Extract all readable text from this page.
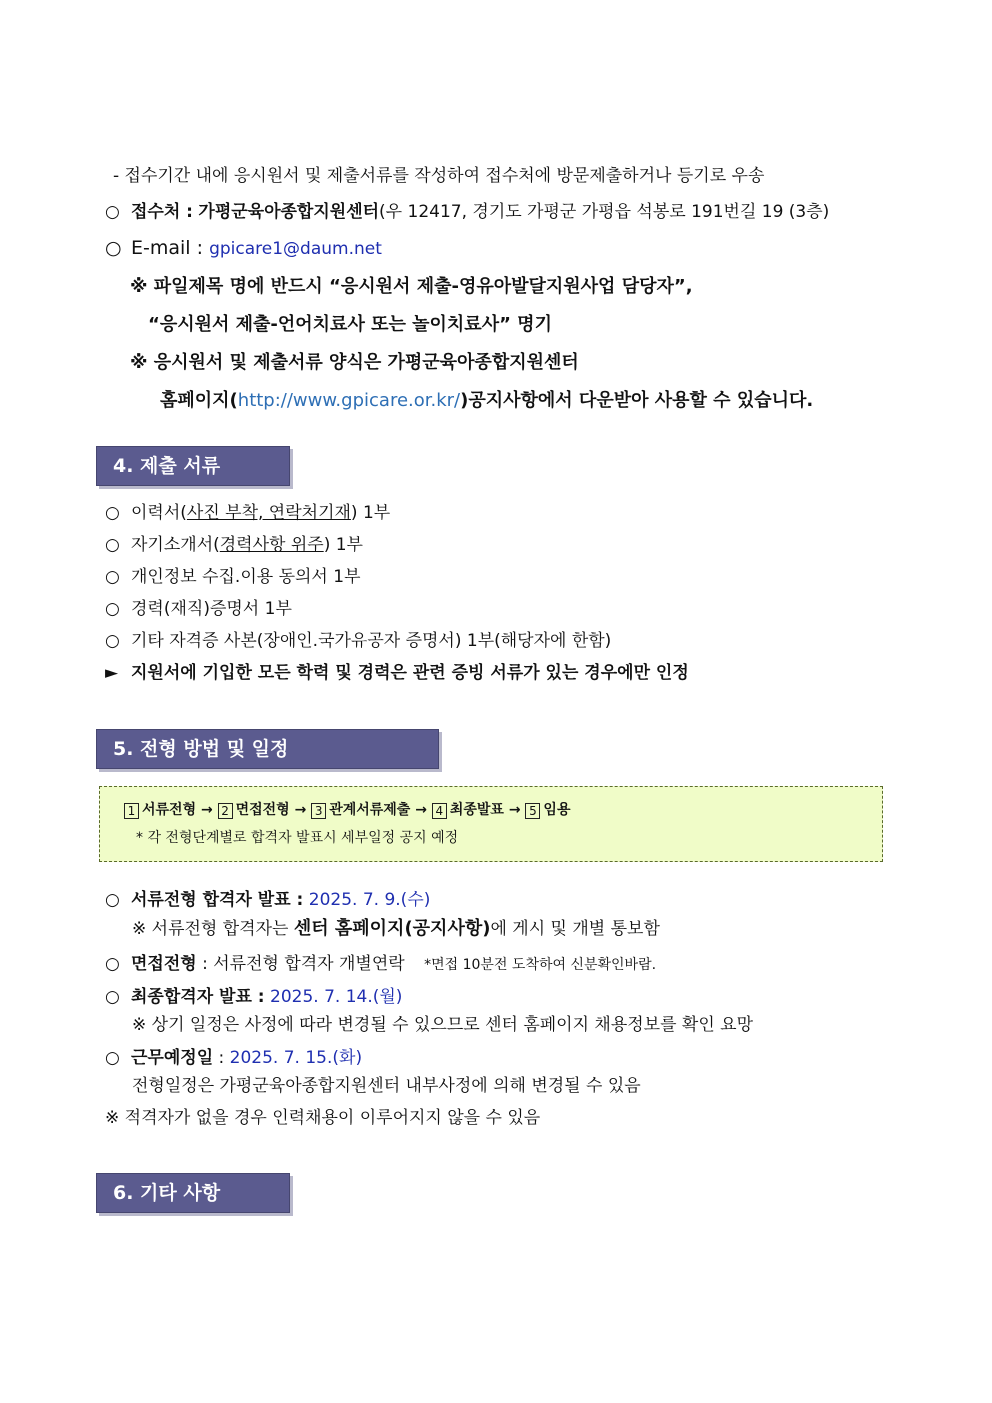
- 접수기간 내에 응시원서 및 제출서류를 작성하여 접수처에 방문제출하거나 등기로 우송
○ 접수처 : 가평군육아종합지원센터(우 12417, 경기도 가평군 가평읍 석봉로 191번길 19 (3층)
○ E-mail : gpicare1@daum.net
※ 파일제목 명에 반드시 “응시원서 제출-영유아발달지원사업 담당자”,
“응시원서 제출-언어치료사 또는 놀이치료사” 명기
※ 응시원서 및 제출서류 양식은 가평군육아종합지원센터
홈페이지(http://www.gpicare.or.kr/)공지사항에서 다운받아 사용할 수 있습니다.
4. 제출 서류
○ 이력서(사진 부착, 연락처기재) 1부
○ 자기소개서(경력사항 위주) 1부
○ 개인정보 수집.이용 동의서 1부
○ 경력(재직)증명서 1부
○ 기타 자격증 사본(장애인.국가유공자 증명서) 1부(해당자에 한함)
► 지원서에 기입한 모든 학력 및 경력은 관련 증빙 서류가 있는 경우에만 인정
5. 전형 방법 및 일정
1 서류전형 → 2 면접전형 → 3 관계서류제출 → 4 최종발표 → 5 임용
* 각 전형단계별로 합격자 발표시 세부일정 공지 예정
○ 서류전형 합격자 발표 : 2025. 7. 9.(수)
※ 서류전형 합격자는 센터 홈페이지(공지사항)에 게시 및 개별 통보함
○ 면접전형 : 서류전형 합격자 개별연락 *면접 10분전 도착하여 신분확인바람.
○ 최종합격자 발표 : 2025. 7. 14.(월)
※ 상기 일정은 사정에 따라 변경될 수 있으므로 센터 홈페이지 채용정보를 확인 요망
○ 근무예정일 : 2025. 7. 15.(화)
전형일정은 가평군육아종합지원센터 내부사정에 의해 변경될 수 있음
※ 적격자가 없을 경우 인력채용이 이루어지지 않을 수 있음
6. 기타 사항
